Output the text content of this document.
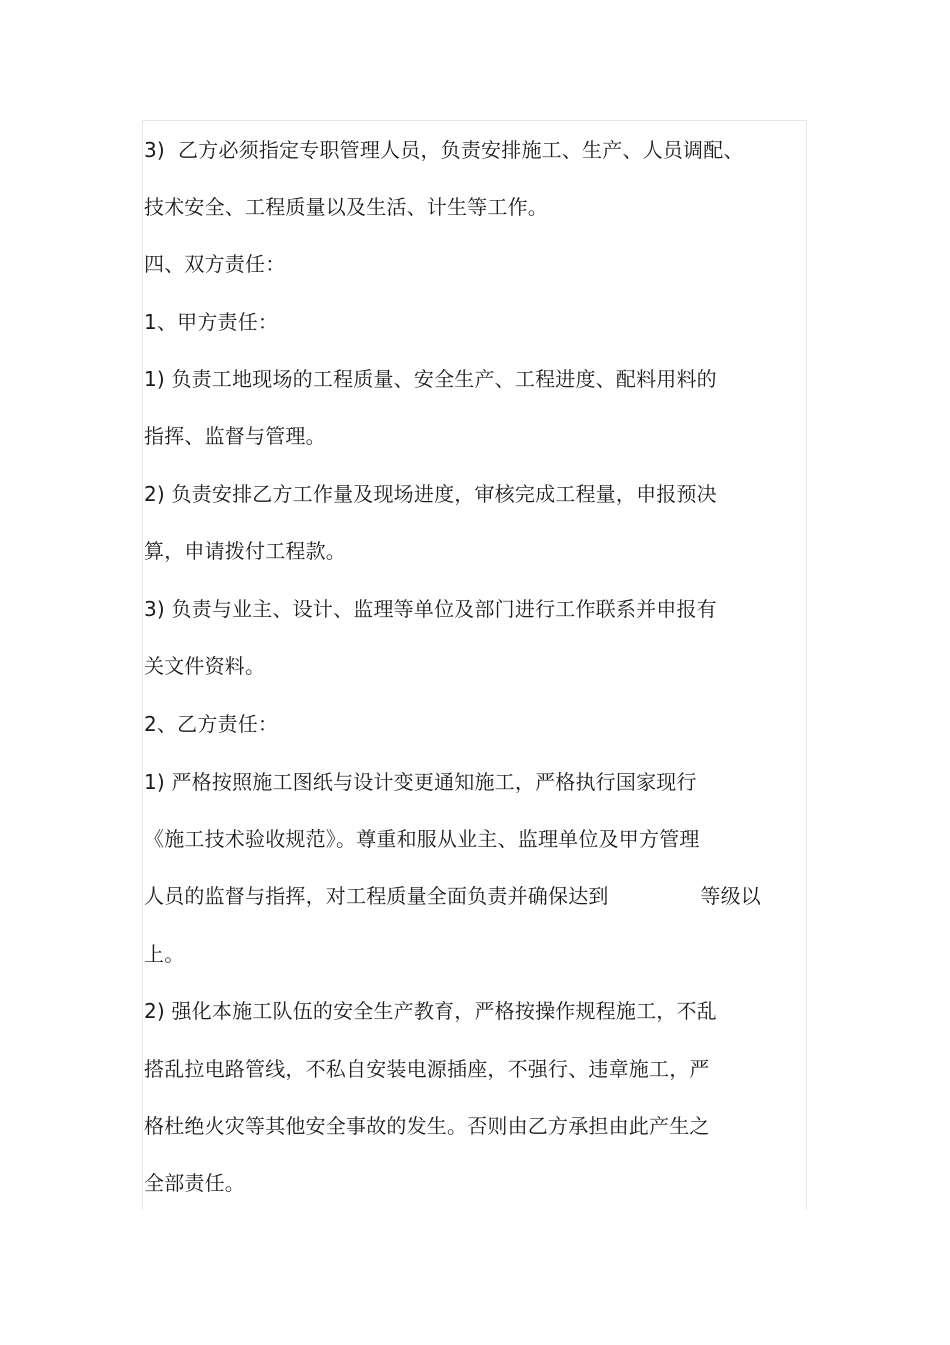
3)  乙方必须指定专职管理人员，负责安排施工、生产、人员调配、
技术安全、工程质量以及生活、计生等工作。
四、双方责任：
1、甲方责任：
1) 负责工地现场的工程质量、安全生产、工程进度、配料用料的
指挥、监督与管理。
2) 负责安排乙方工作量及现场进度，审核完成工程量，申报预决
算，申请拨付工程款。
3) 负责与业主、设计、监理等单位及部门进行工作联系并申报有
关文件资料。
2、乙方责任：
1) 严格按照施工图纸与设计变更通知施工，严格执行国家现行
《施工技术验收规范》。尊重和服从业主、监理单位及甲方管理
人员的监督与指挥，对工程质量全面负责并确保达到              等级以
上。
2) 强化本施工队伍的安全生产教育，严格按操作规程施工，不乱
搭乱拉电路管线，不私自安装电源插座，不强行、违章施工，严
格杜绝火灾等其他安全事故的发生。否则由乙方承担由此产生之
全部责任。
